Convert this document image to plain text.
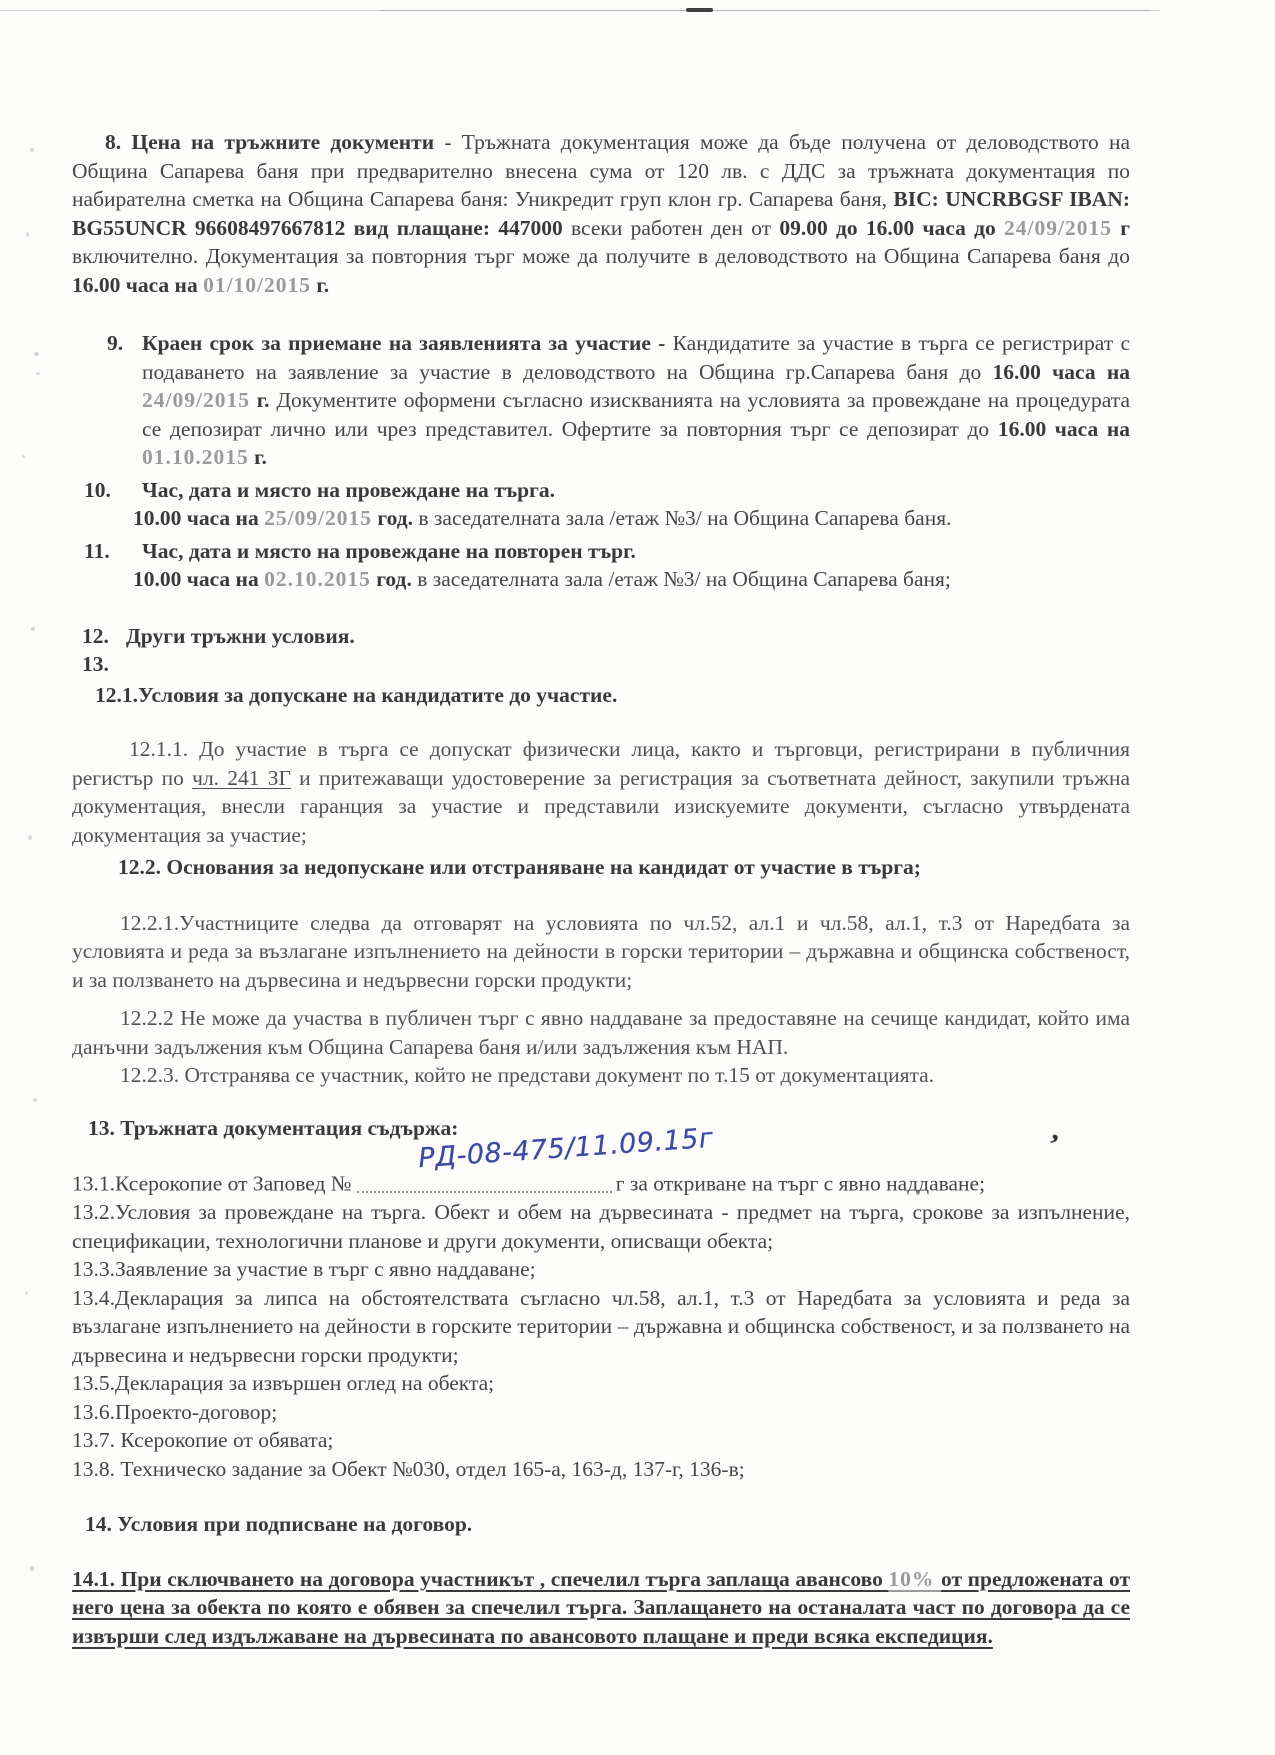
’
РД-08-475/11.09.15г

8. Цена на тръжните документи - Тръжната документация може да бъде получена от деловодството на Община Сапарева баня при предварително внесена сума от 120 лв. с ДДС за тръжната документация по набирателна сметка на Община Сапарева баня: Уникредит груп клон гр. Сапарева баня, BIC: UNCRBGSF IBAN: BG55UNCR 96608497667812 вид плащане: 447000 всеки работен ден от 09.00 до 16.00 часа до 24/09/2015 г включително. Документация за повторния търг може да получите в деловодството на Община Сапарева баня до 16.00 часа на 01/10/2015 г.

9. Краен срок за приемане на заявленията за участие - Кандидатите за участие в търга се регистрират с подаването на заявление за участие в деловодството на Община гр.Сапарева баня до 16.00 часа на 24/09/2015 г. Документите оформени съгласно изискванията на условията за провеждане на процедурата се депозират лично или чрез представител. Офертите за повторния търг се депозират до 16.00 часа на 01.10.2015 г.

10. Час, дата и място на провеждане на търга.

10.00 часа на 25/09/2015 год. в заседателната зала /етаж №3/ на Община Сапарева баня.

11. Час, дата и място на провеждане на повторен търг.

10.00 часа на 02.10.2015 год. в заседателната зала /етаж №3/ на Община Сапарева баня;

12. Други тръжни условия.

13.

12.1.Условия за допускане на кандидатите до участие.

12.1.1. До участие в търга се допускат физически лица, както и търговци, регистрирани в публичния регистър по чл. 241 ЗГ и притежаващи удостоверение за регистрация за съответната дейност, закупили тръжна документация, внесли гаранция за участие и представили изискуемите документи, съгласно утвърдената документация за участие;

12.2. Основания за недопускане или отстраняване на кандидат от участие в търга;

12.2.1.Участниците следва да отговарят на условията по чл.52, ал.1 и чл.58, ал.1, т.3 от Наредбата за условията и реда за възлагане изпълнението на дейности в горски територии – държавна и общинска собственост, и за ползването на дървесина и недървесни горски продукти;

12.2.2 Не може да участва в публичен търг с явно наддаване за предоставяне на сечище кандидат, който има данъчни задължения към Община Сапарева баня и/или задължения към НАП.

12.2.3. Отстранява се участник, който не представи документ по т.15 от документацията.

13. Тръжната документация съдържа:

13.1.Ксерокопие от Заповед №	г за откриване на търг с явно наддаване;

13.2.Условия за провеждане на търга. Обект и обем на дървесината - предмет на търга, срокове за изпълнение, спецификации, технологични планове и други документи, описващи обекта;

13.3.Заявление за участие в търг с явно наддаване;

13.4.Декларация за липса на обстоятелствата съгласно чл.58, ал.1, т.3 от Наредбата за условията и реда за възлагане изпълнението на дейности в горските територии – държавна и общинска собственост, и за ползването на дървесина и недървесни горски продукти;

13.5.Декларация за извършен оглед на обекта;

13.6.Проекто-договор;

13.7. Ксерокопие от обявата;

13.8. Техническо задание за Обект №030, отдел 165-а, 163-д, 137-г, 136-в;

14. Условия при подписване на договор.

14.1. При сключването на договора участникът , спечелил търга заплаща авансово 10% от предложената от него цена за обекта по която е обявен за спечелил търга. Заплащането на останалата част по договора да се извърши след издължаване на дървесината по авансовото плащане и преди всяка експедиция.
